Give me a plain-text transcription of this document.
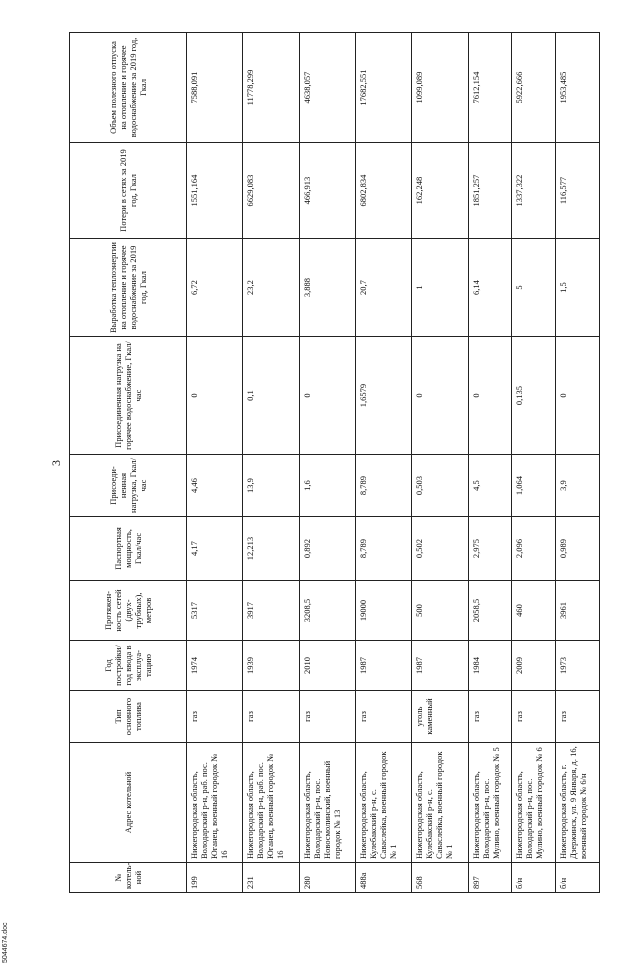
3
№ котель-ной	Адрес котельной	Тип основного топлива	Год постройки/ год ввода в эксплуа-тацию	Протяжен-ность сетей (двух-трубных), метров	Паспортная мощность, Гкал/час	Присоеди-ненная нагрузка, Гкал/час	Присоединенная нагрузка на горячее водоснабжение, Гкал/час	Выработка теплоэнергии на отопление и горячее водоснабжение за 2019 год, Гкал	Потери в сетях за 2019 год, Гкал	Объем полезного отпуска на отопление и горячее водоснабжение за 2019 год, Гкал
199	Нижегородская область, Володарский р-н, раб. пос. Юганец, военный городок № 16	газ	1974	5317	4,17	4,46	0	6,72	1551,164	7588,091
231	Нижегородская область, Володарский р-н, раб. пос. Юганец, военный городок № 16	газ	1939	3917	12,213	13,9	0,1	23,2	6629,083	11778,299
280	Нижегородская область, Володарский р-н, пос. Новосмолинский, военный городок № 13	газ	2010	3208,5	0,892	1,6	0	3,888	466,913	4638,057
488а	Нижегородская область, Кулебакский р-н, с. Саваслейка, военный городок № 1	газ	1987	19000	8,789	8,789	1,6579	20,7	6802,834	17682,551
568	Нижегородская область, Кулебакский р-н, с. Саваслейка, военный городок № 1	уголь каменный	1987	500	0,502	0,503	0	1	162,248	1099,089
897	Нижегородская область, Володарский р-н, пос. Мулино, военный городок № 5	газ	1984	2058,5	2,975	4,5	0	6,14	1851,257	7612,154
б/н	Нижегородская область, Володарский р-н, пос. Мулино, военный городок № 6	газ	2009	460	2,096	1,064	0,135	5	1337,322	5922,666
б/н	Нижегородская область, г. Дзержинск, ул. 9 Января, д. 16, военный городок № 6/н	газ	1973	3961	0,989	3,9	0	1,5	116,577	1953,485
5044674.doc
